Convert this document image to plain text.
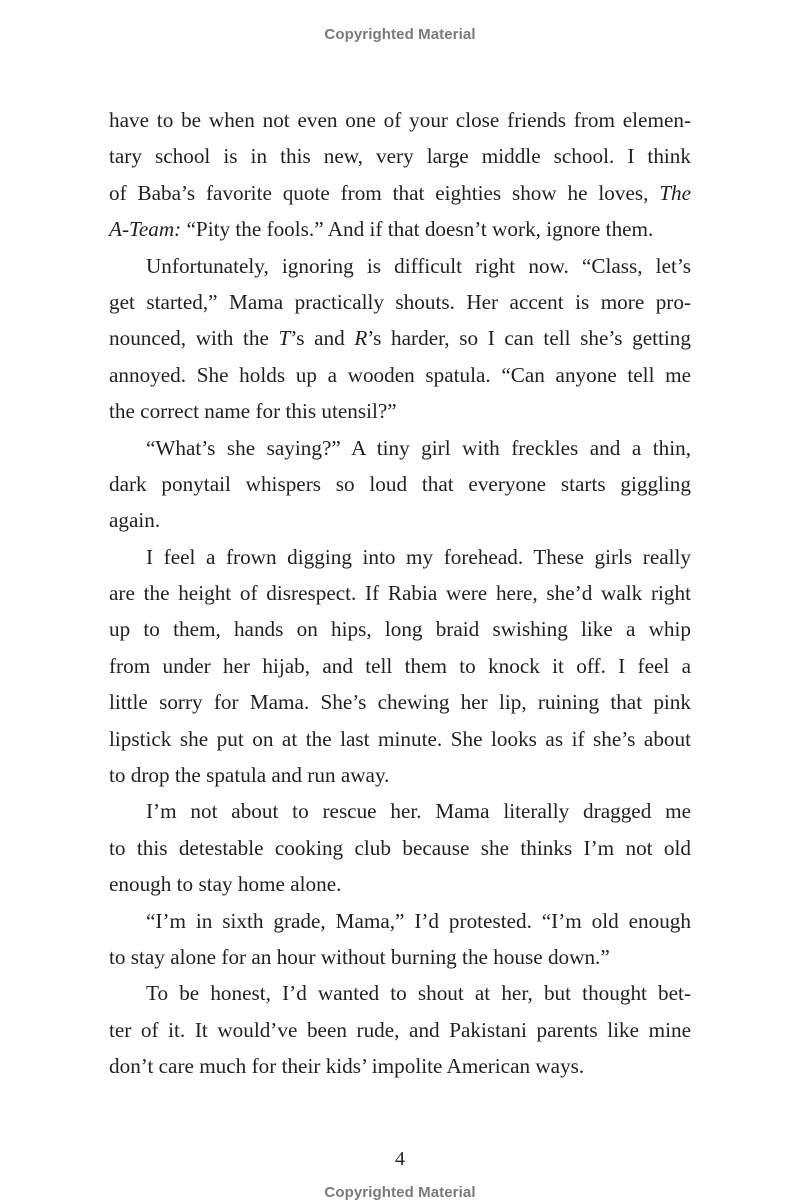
Copyrighted Material
have to be when not even one of your close friends from elemen-
tary school is in this new, very large middle school. I think
of Baba’s favorite quote from that eighties show he loves, The
A-Team: “Pity the fools.” And if that doesn’t work, ignore them.
Unfortunately, ignoring is difficult right now. “Class, let’s
get started,” Mama practically shouts. Her accent is more pro-
nounced, with the T’s and R’s harder, so I can tell she’s getting
annoyed. She holds up a wooden spatula. “Can anyone tell me
the correct name for this utensil?”
“What’s she saying?” A tiny girl with freckles and a thin,
dark ponytail whispers so loud that everyone starts giggling
again.
I feel a frown digging into my forehead. These girls really
are the height of disrespect. If Rabia were here, she’d walk right
up to them, hands on hips, long braid swishing like a whip
from under her hijab, and tell them to knock it off. I feel a
little sorry for Mama. She’s chewing her lip, ruining that pink
lipstick she put on at the last minute. She looks as if she’s about
to drop the spatula and run away.
I’m not about to rescue her. Mama literally dragged me
to this detestable cooking club because she thinks I’m not old
enough to stay home alone.
“I’m in sixth grade, Mama,” I’d protested. “I’m old enough
to stay alone for an hour without burning the house down.”
To be honest, I’d wanted to shout at her, but thought bet-
ter of it. It would’ve been rude, and Pakistani parents like mine
don’t care much for their kids’ impolite American ways.
4
Copyrighted Material
